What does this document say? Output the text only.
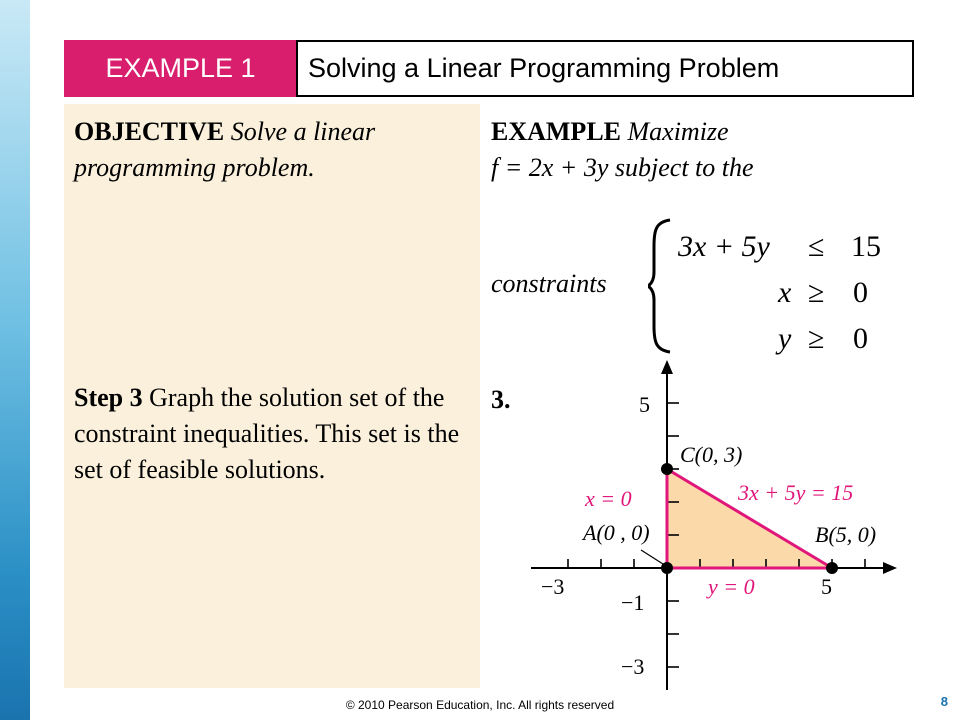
EXAMPLE 1 Solving a Linear Programming Problem
OBJECTIVE Solve a linear programming problem.
EXAMPLE Maximize
f = 2x + 3y subject to the
constraints
3x + 5y ≤ 15
x ≥ 0
y ≥ 0
Step 3 Graph the solution set of the constraint inequalities. This set is the set of feasible solutions.
3.
−3	5
5
−1
−3
C(0, 3)
A(0 , 0)	B(5, 0)
x = 0	3x + 5y = 15
y = 0
© 2010 Pearson Education, Inc. All rights reserved	8
